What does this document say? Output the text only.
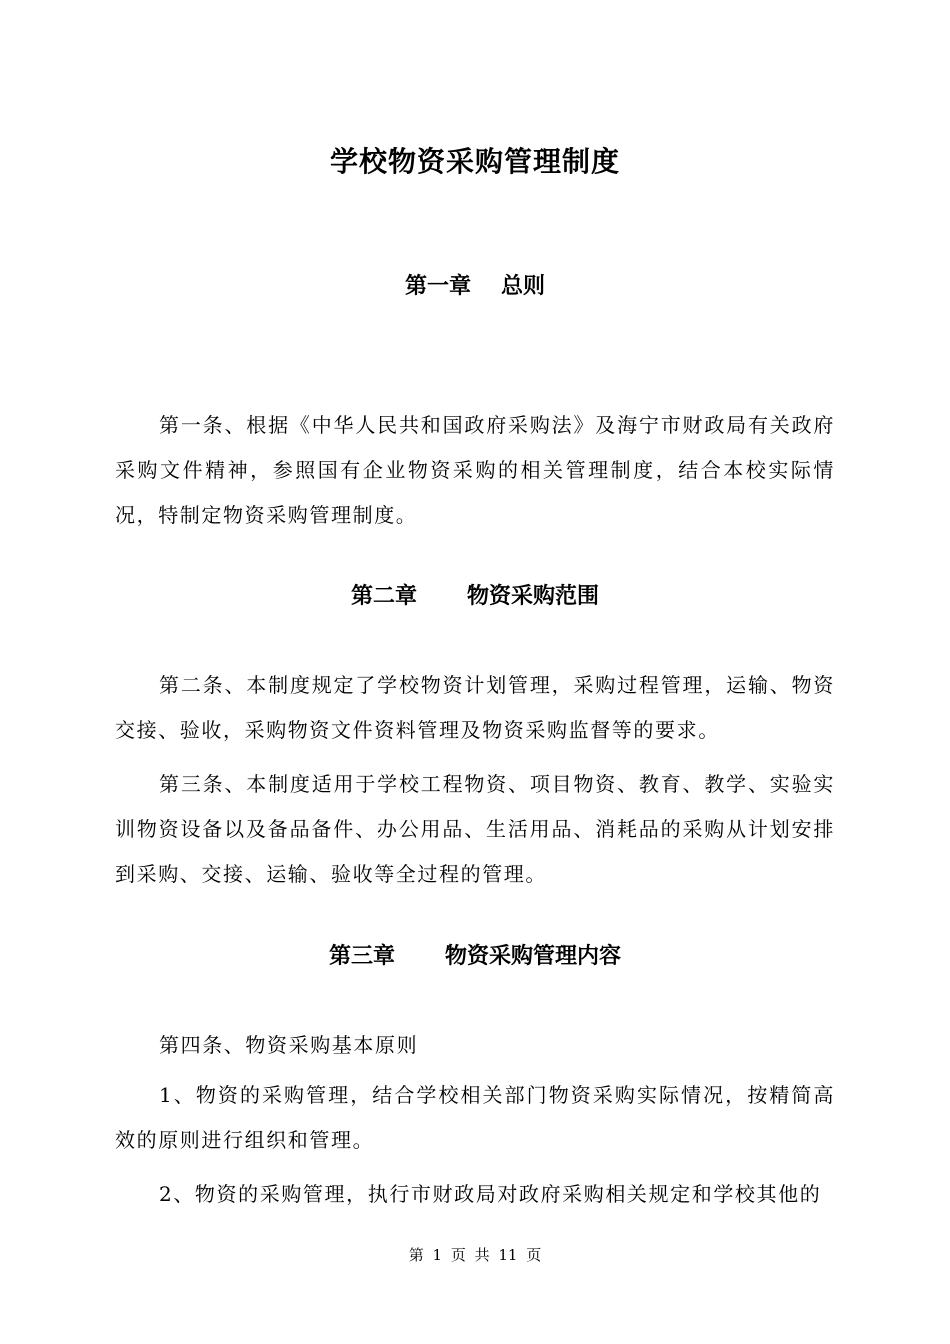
学校物资采购管理制度
第一章 总则

第一条、根据《中华人民共和国政府采购法》及海宁市财政局有关政府采购文件精神，参照国有企业物资采购的相关管理制度，结合本校实际情况，特制定物资采购管理制度。

第二章 物资采购范围

第二条、本制度规定了学校物资计划管理，采购过程管理，运输、物资交接、验收，采购物资文件资料管理及物资采购监督等的要求。

第三条、本制度适用于学校工程物资、项目物资、教育、教学、实验实训物资设备以及备品备件、办公用品、生活用品、消耗品的采购从计划安排到采购、交接、运输、验收等全过程的管理。

第三章 物资采购管理内容

第四条、物资采购基本原则

1、物资的采购管理，结合学校相关部门物资采购实际情况，按精简高效的原则进行组织和管理。

2、物资的采购管理，执行市财政局对政府采购相关规定和学校其他的

第 1 页 共 11 页
